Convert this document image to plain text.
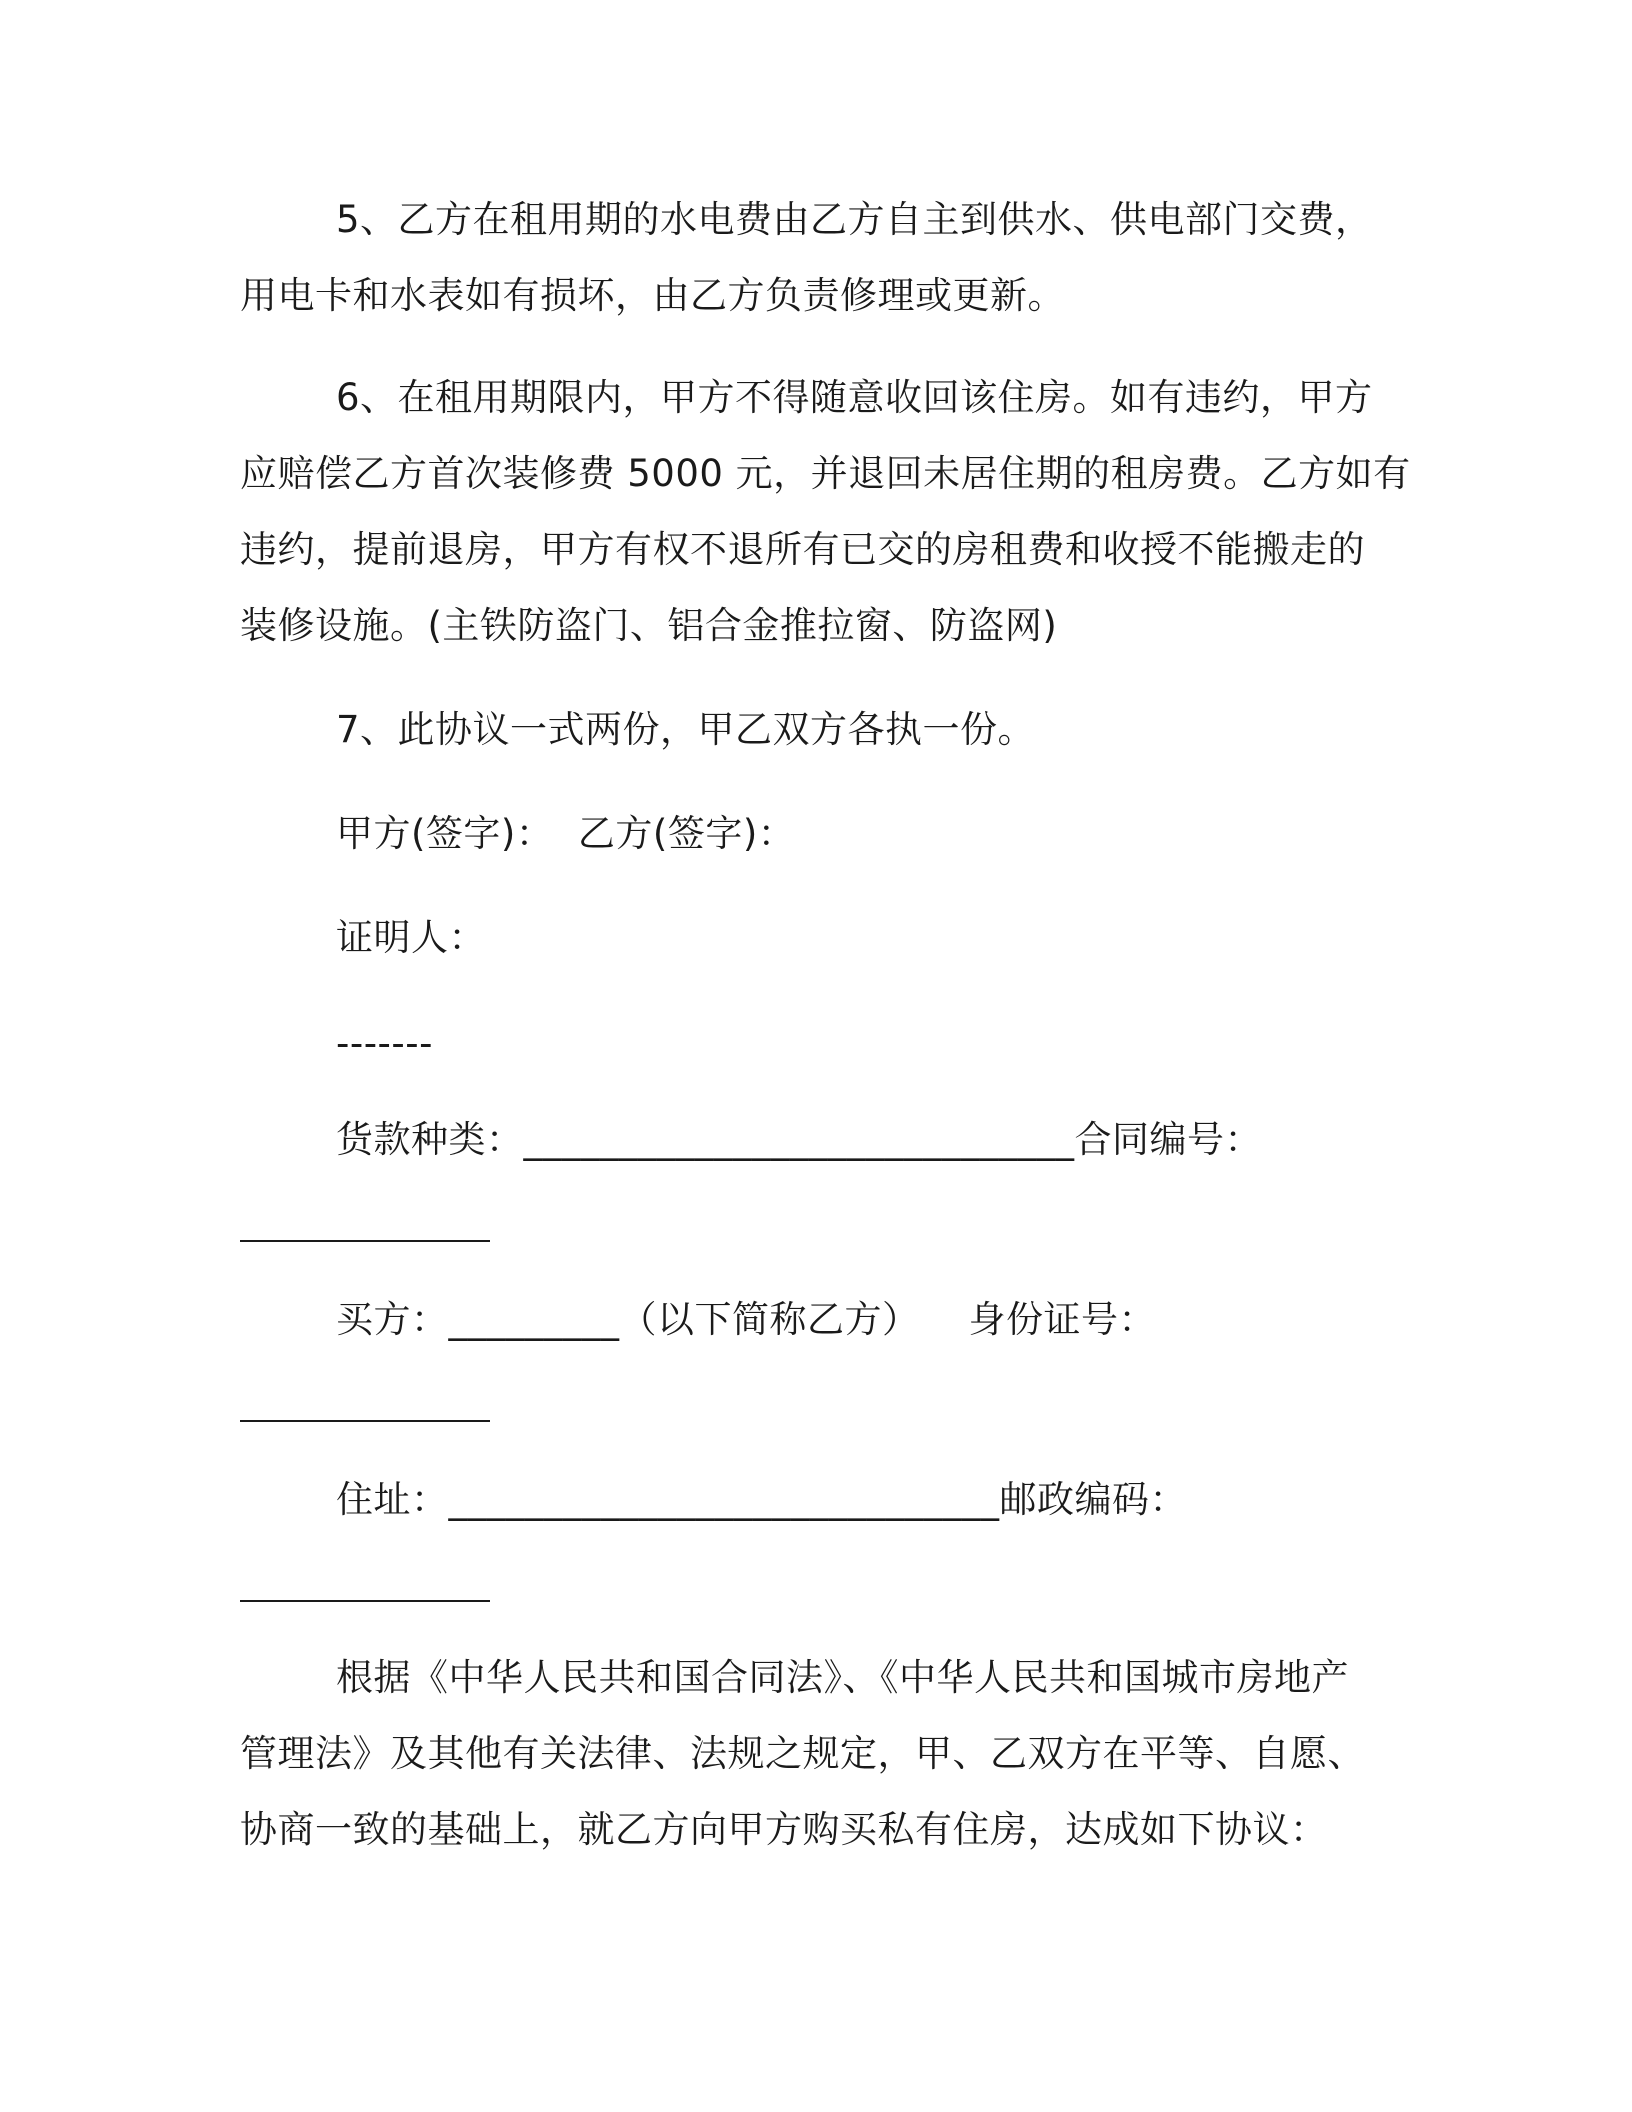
5、乙方在租用期的水电费由乙方自主到供水、供电部门交费，
用电卡和水表如有损坏，由乙方负责修理或更新。
6、在租用期限内，甲方不得随意收回该住房。如有违约，甲方
应赔偿乙方首次装修费 5000 元，并退回未居住期的租房费。乙方如有
违约，提前退房，甲方有权不退所有已交的房租费和收授不能搬走的
装修设施。(主铁防盗门、铝合金推拉窗、防盗网)
7、此协议一式两份，甲乙双方各执一份。
甲方(签字)：  乙方(签字)：
证明人：
-------
货款种类：_____________________________合同编号：
买方：_________（以下简称乙方）    身份证号：
住址：_____________________________邮政编码：
根据《中华人民共和国合同法》、《中华人民共和国城市房地产
管理法》及其他有关法律、法规之规定，甲、乙双方在平等、自愿、
协商一致的基础上，就乙方向甲方购买私有住房，达成如下协议：
